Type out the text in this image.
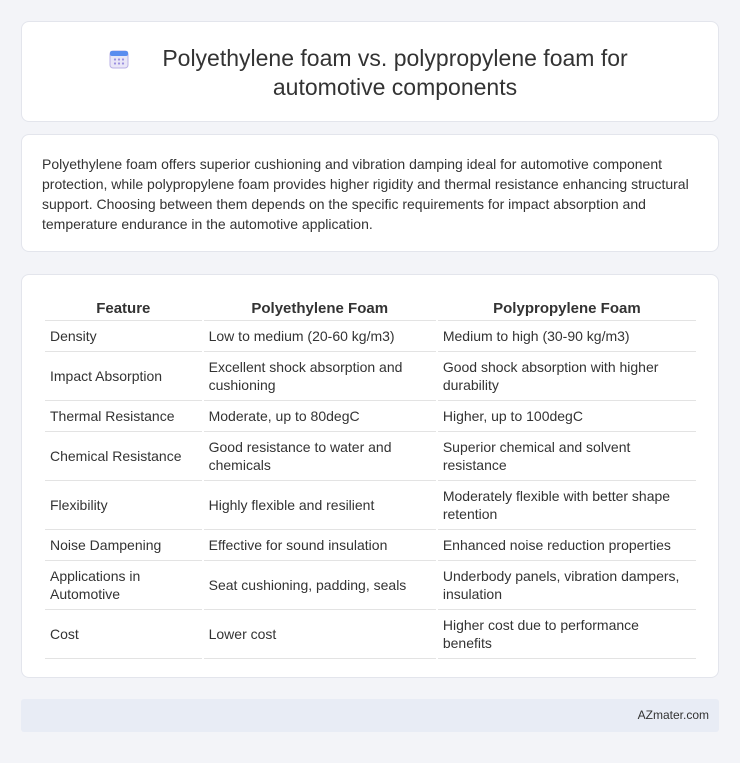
Polyethylene foam vs. polypropylene foam for automotive components

Polyethylene foam offers superior cushioning and vibration damping ideal for automotive component protection, while polypropylene foam provides higher rigidity and thermal resistance enhancing structural support. Choosing between them depends on the specific requirements for impact absorption and temperature endurance in the automotive application.

Feature	Polyethylene Foam	Polypropylene Foam
Density	Low to medium (20-60 kg/m3)	Medium to high (30-90 kg/m3)
Impact Absorption	Excellent shock absorption and cushioning	Good shock absorption with higher durability
Thermal Resistance	Moderate, up to 80degC	Higher, up to 100degC
Chemical Resistance	Good resistance to water and chemicals	Superior chemical and solvent resistance
Flexibility	Highly flexible and resilient	Moderately flexible with better shape retention
Noise Dampening	Effective for sound insulation	Enhanced noise reduction properties
Applications in Automotive	Seat cushioning, padding, seals	Underbody panels, vibration dampers, insulation
Cost	Lower cost	Higher cost due to performance benefits
AZmater.com
